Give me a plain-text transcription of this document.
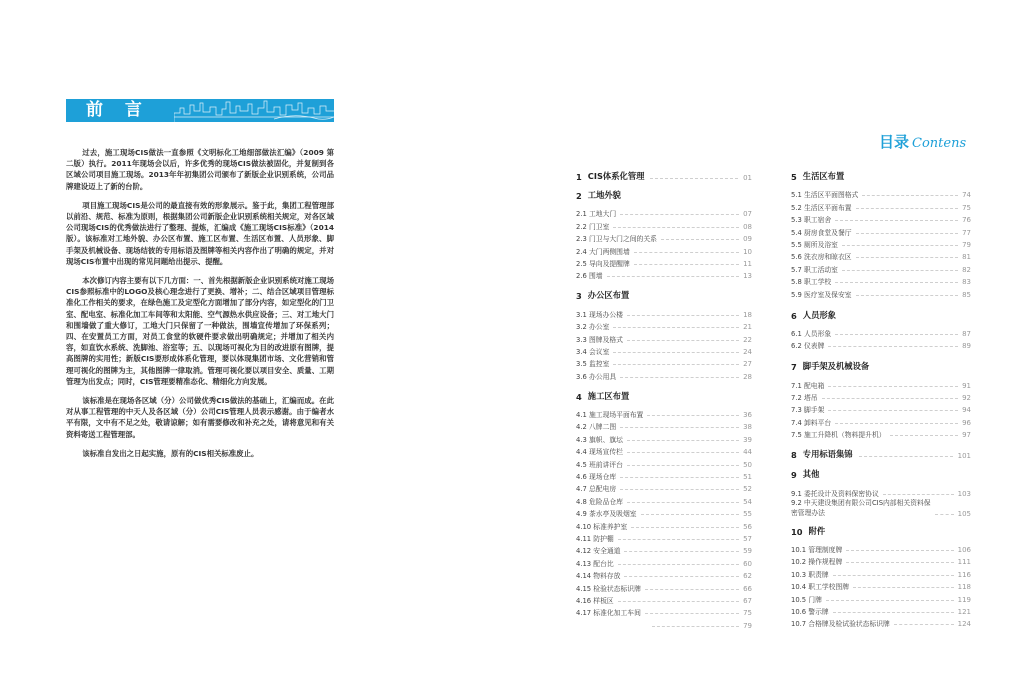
前 言

过去，施工现场CIS做法一直参照《文明标化工地细部做法汇编》（2009 第二版）执行。2011年现场会以后，许多优秀的现场CIS做法被固化，并复制到各区域公司项目施工现场。2013年年初集团公司颁布了新版企业识别系统，公司品牌建设迈上了新的台阶。

项目施工现场CIS是公司的最直接有效的形象展示。鉴于此，集团工程管理部以前沿、规范、标准为原则，根据集团公司新版企业识别系统相关规定，对各区域公司现场CIS的优秀做法进行了整理、提炼，汇编成《施工现场CIS标准》（2014版）。该标准对工地外貌、办公区布置、施工区布置、生活区布置、人员形象、脚手架及机械设备、现场结彼的专用标语及图牌等相关内容作出了明确的规定，并对现场CIS布置中出现的常见问题给出提示、提醒。

本次修订内容主要有以下几方面：一、首先根据新版企业识别系统对施工现场CIS参照标准中的LOGO及核心理念进行了更换、增补；二、结合区域项目管理标准化工作相关的要求，在绿色施工及定型化方面增加了部分内容，如定型化的门卫室、配电室、标准化加工车间等和太阳能、空气源热水供应设备；三、对工地大门和围墙做了重大修订，工地大门只保留了一种做法，围墙宣传增加了环保系列；四、在安置员工方面，对员工食堂的软硬件要求做出明确规定；并增加了相关内容，如直饮水系统、洗脚池、浴室等；五、以现场可视化为目的改进原有图牌，提高图牌的实用性；新版CIS要形成体系化管理，要以体现集团市场、文化营销和管理可视化的图牌为主，其他图牌一律取消。管理可视化要以项目安全、质量、工期管理为出发点；同时，CIS管理要精准态化、精细化方向发展。

该标准是在现场各区域（分）公司做优秀CIS做法的基础上，汇编而成。在此对从事工程管理的中天人及各区域（分）公司CIS管理人员表示感谢。由于编者水平有限，文中有不足之处，敬请谅解；如有需要修改和补充之处，请将意见和有关资料寄送工程管理部。

该标准自发出之日起实施，原有的CIS相关标准废止。

目录 Contens
1 CIS体系化管理	01
2 工地外貌
2.1 工地大门	07
2.2 门卫室	08
2.3 门卫与大门之间的关系	09
2.4 大门两侧围墙	10
2.5 导向及提醒牌	11
2.6 围墙	13
3 办公区布置
3.1 现场办公楼	18
3.2 办公室	21
3.3 图牌及格式	22
3.4 会议室	24
3.5 监控室	27
3.6 办公用具	28
4 施工区布置
4.1 施工现场平面布置	36
4.2 八牌二图	38
4.3 旗帜、旗坛	39
4.4 现场宣传栏	44
4.5 班前讲评台	50
4.6 现场仓库	51
4.7 总配电房	52
4.8 危险品仓库	54
4.9 茶水亭及吸烟室	55
4.10 标准养护室	56
4.11 防护棚	57
4.12 安全通道	59
4.13 配台比	60
4.14 物料存放	62
4.15 检验状态标识牌	66
4.16 样板区	67
4.17 标准化加工车间	75
79
5 生活区布置
5.1 生活区平面图格式	74
5.2 生活区平面布置	75
5.3 职工宿舍	76
5.4 厨房食堂及餐厅	77
5.5 厕所及浴室	79
5.6 洗衣房和晾衣区	81
5.7 职工活动室	82
5.8 职工学校	83
5.9 医疗室及保安室	85
6 人员形象
6.1 人员形象	87
6.2 仪表牌	89
7 脚手架及机械设备
7.1 配电箱	91
7.2 塔吊	92
7.3 脚手架	94
7.4 卸料平台	96
7.5 施工升降机（物料提升机）	97
8 专用标语集锦	101
9 其他
9.1 委托设计及资料保密协议	103
9.2 中天建设集团有限公司CIS内部相关资料保密管理办法	105
10 附件
10.1 管理制度牌	106
10.2 操作规程牌	111
10.3 职责牌	116
10.4 职工学校图牌	118
10.5 门牌	119
10.6 警示牌	121
10.7 合格牌及检试验状态标识牌	124
